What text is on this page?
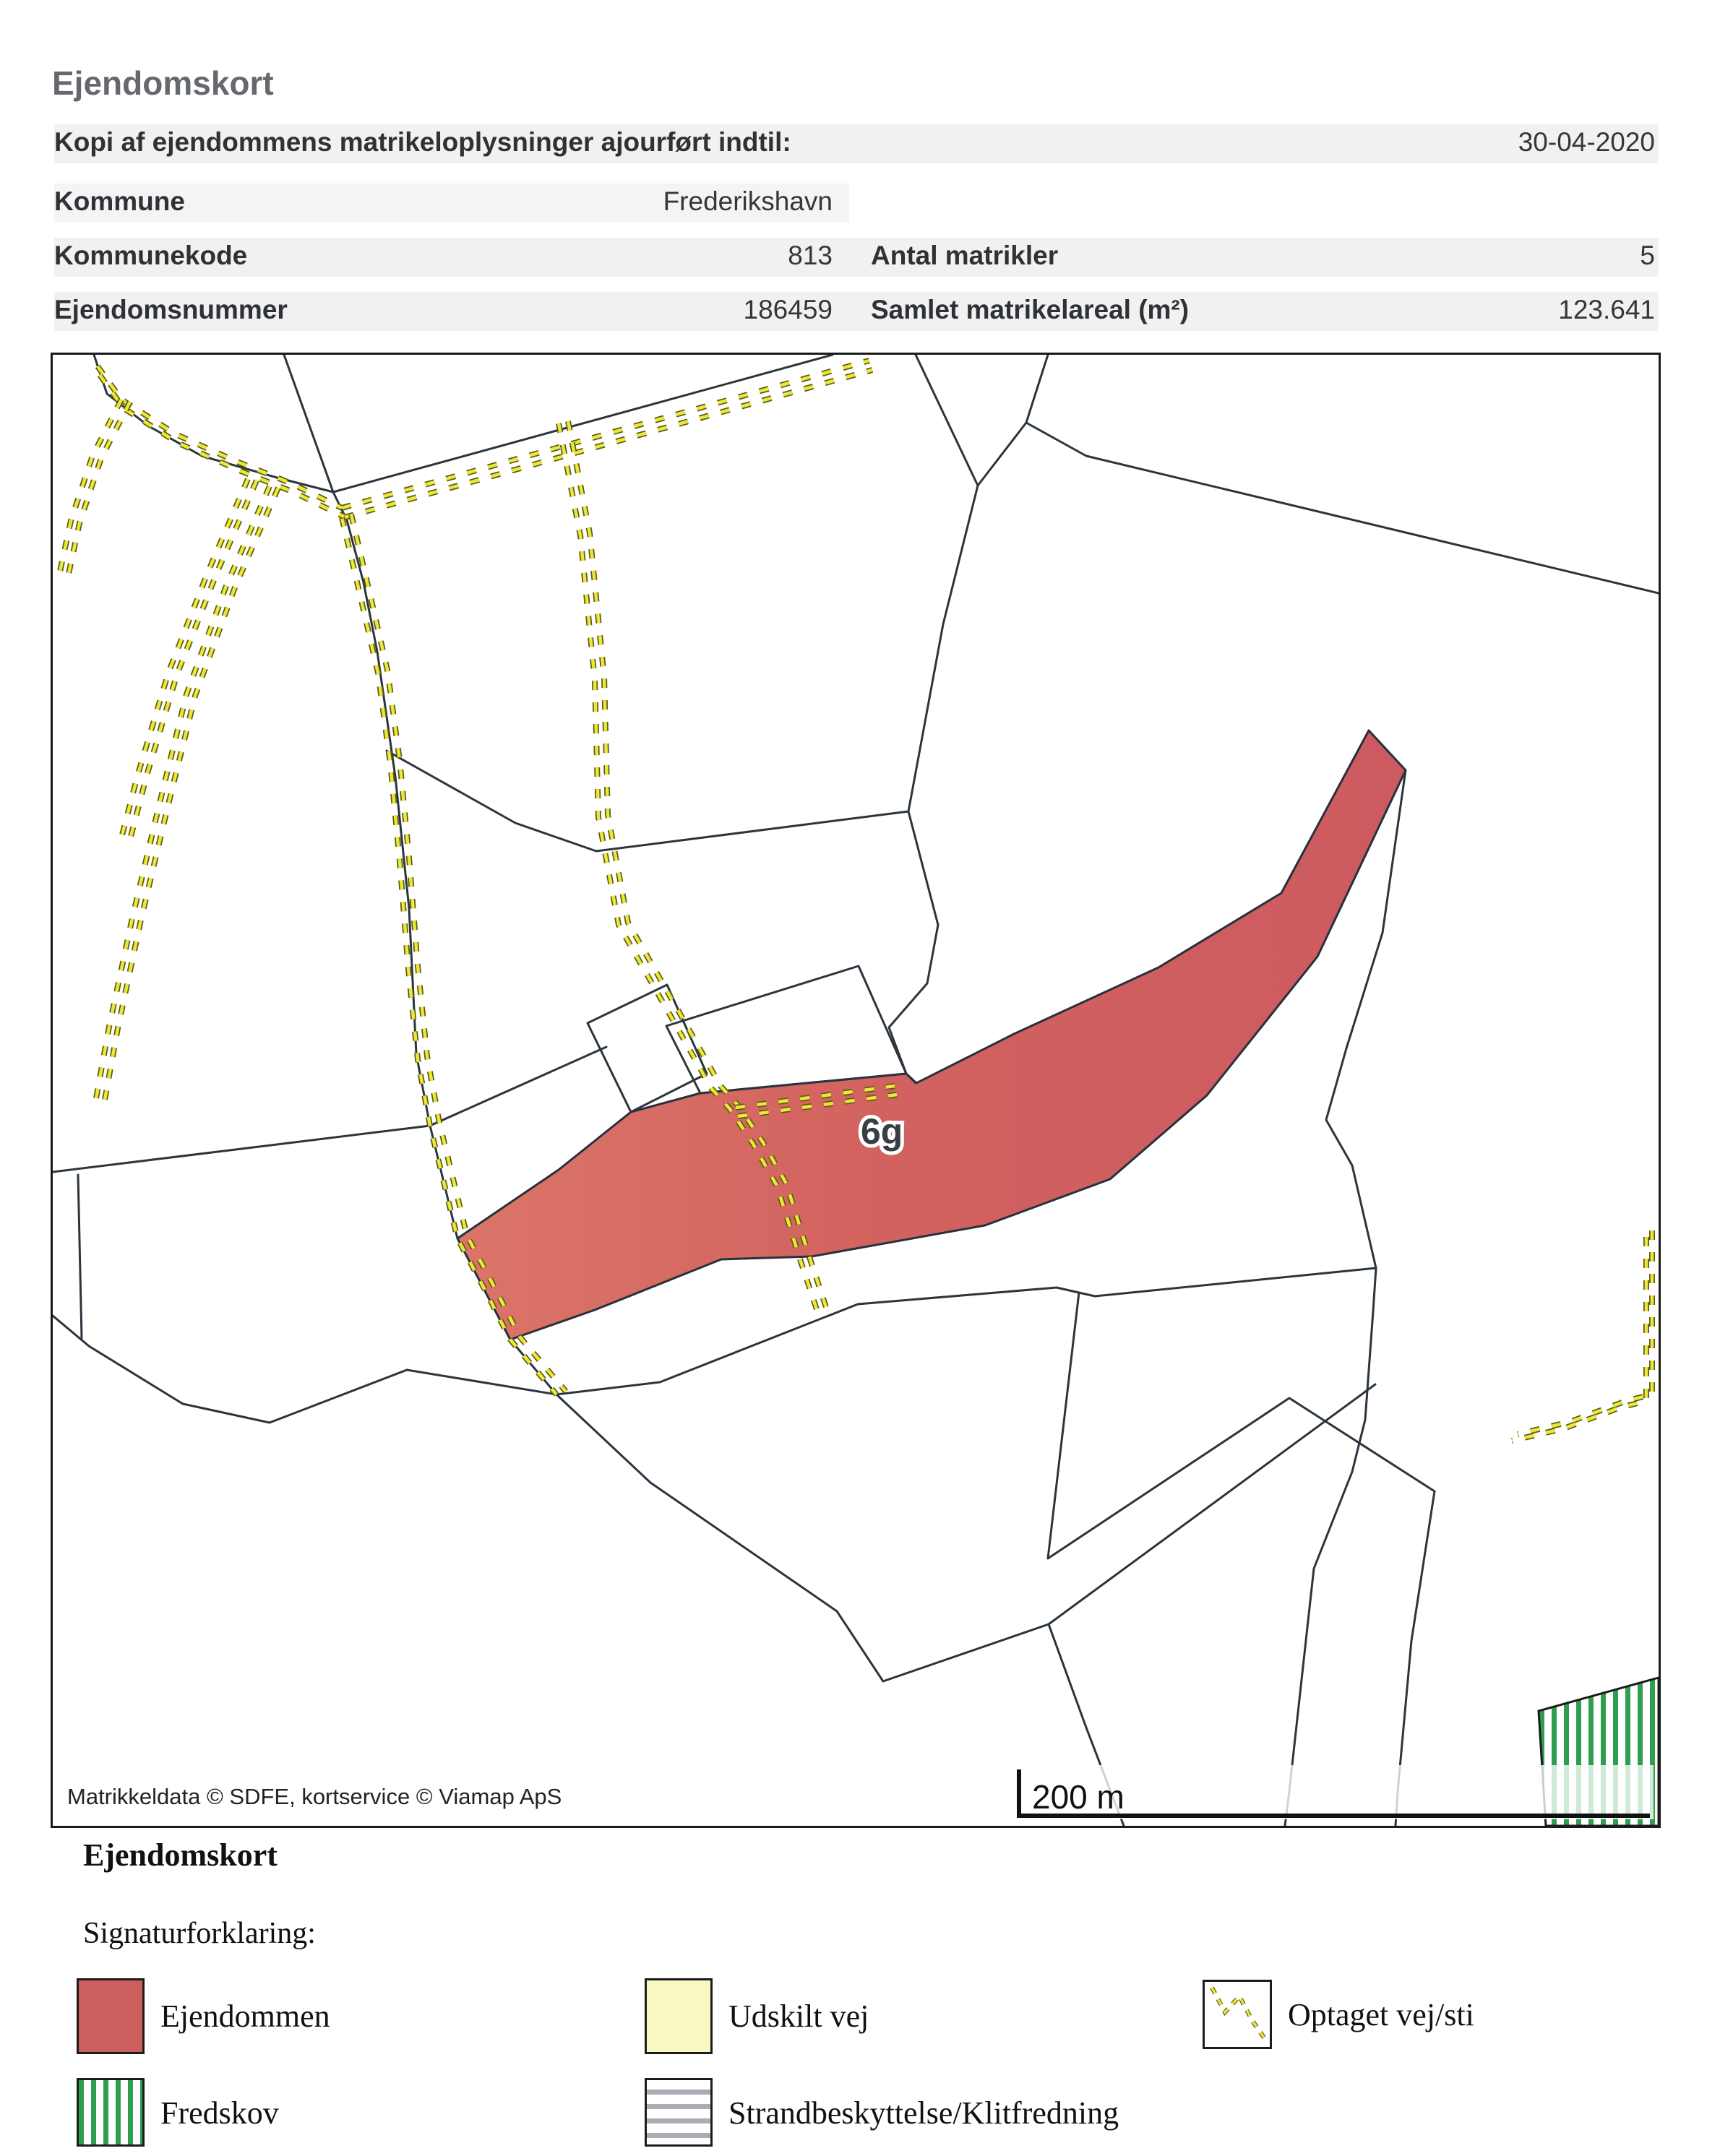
Ejendomskort
Kopi af ejendommens matrikeloplysninger ajourført indtil:	30-04-2020
Kommune	Frederikshavn
Kommunekode	813 Antal matrikler	5
Ejendomsnummer	186459 Samlet matrikelareal (m²)	123.641
200 m
6g
Matrikkeldata © SDFE, kortservice © Viamap ApS
Ejendomskort
Signaturforklaring:
Ejendommen	Udskilt vej	Optaget vej/sti
Fredskov	Strandbeskyttelse/Klitfredning
